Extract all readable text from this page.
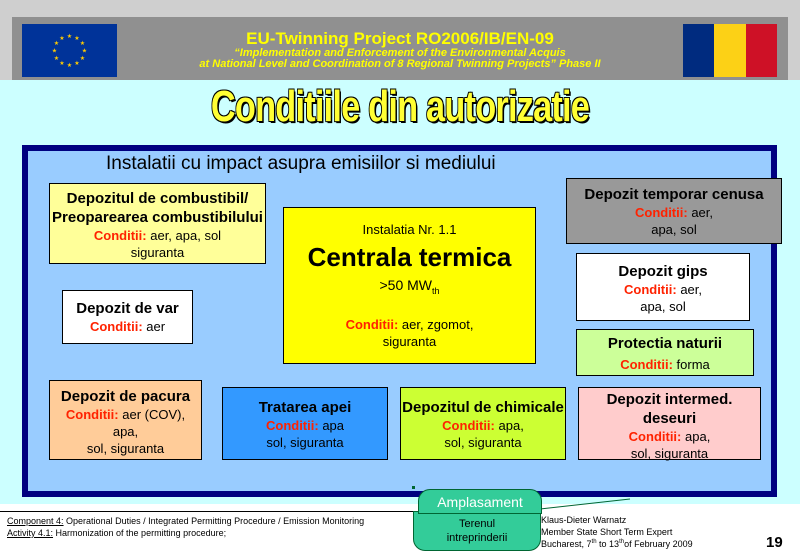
★ ★
★
★
★
★
★
★
★
★
★
★	EU-Twinning Project RO2006/IB/EN-09
“Implementation and Enforcement of the Environmental Acquis
at National Level and Coordination of 8 Regional Twinning Projects” Phase II
Conditiile din autorizatie
Instalatii cu impact asupra emisiilor si mediului
Depozitul de combustibil/
Preoparearea combustibilului
Conditii: aer, apa, sol
siguranta
Depozit de var
Conditii: aer
Instalatia Nr. 1.1
Centrala termica
>50 $MW_{th}$
Conditii: aer, zgomot,
siguranta
Depozit temporar cenusa
Conditii: aer,
apa, sol
Depozit gips
Conditii: aer,
apa, sol
Protectia naturii
Conditii: forma
Depozit de pacura
Conditii: aer (COV),
apa,
sol, siguranta
Tratarea apei
Conditii: apa
sol, siguranta
Depozitul de chimicale
Conditii: apa,
sol, siguranta
Depozit intermed.
deseuri
Conditii: apa,
sol, siguranta
Component 4: Operational Duties / Integrated Permitting Procedure / Emission Monitoring
Activity 4.1: Harmonization of the permitting procedure;
Klaus-Dieter Warnatz
Member State Short Term Expert
Bucharest, 7th to 13thof February 2009	19
Terenul
intreprinderii
Amplasament
